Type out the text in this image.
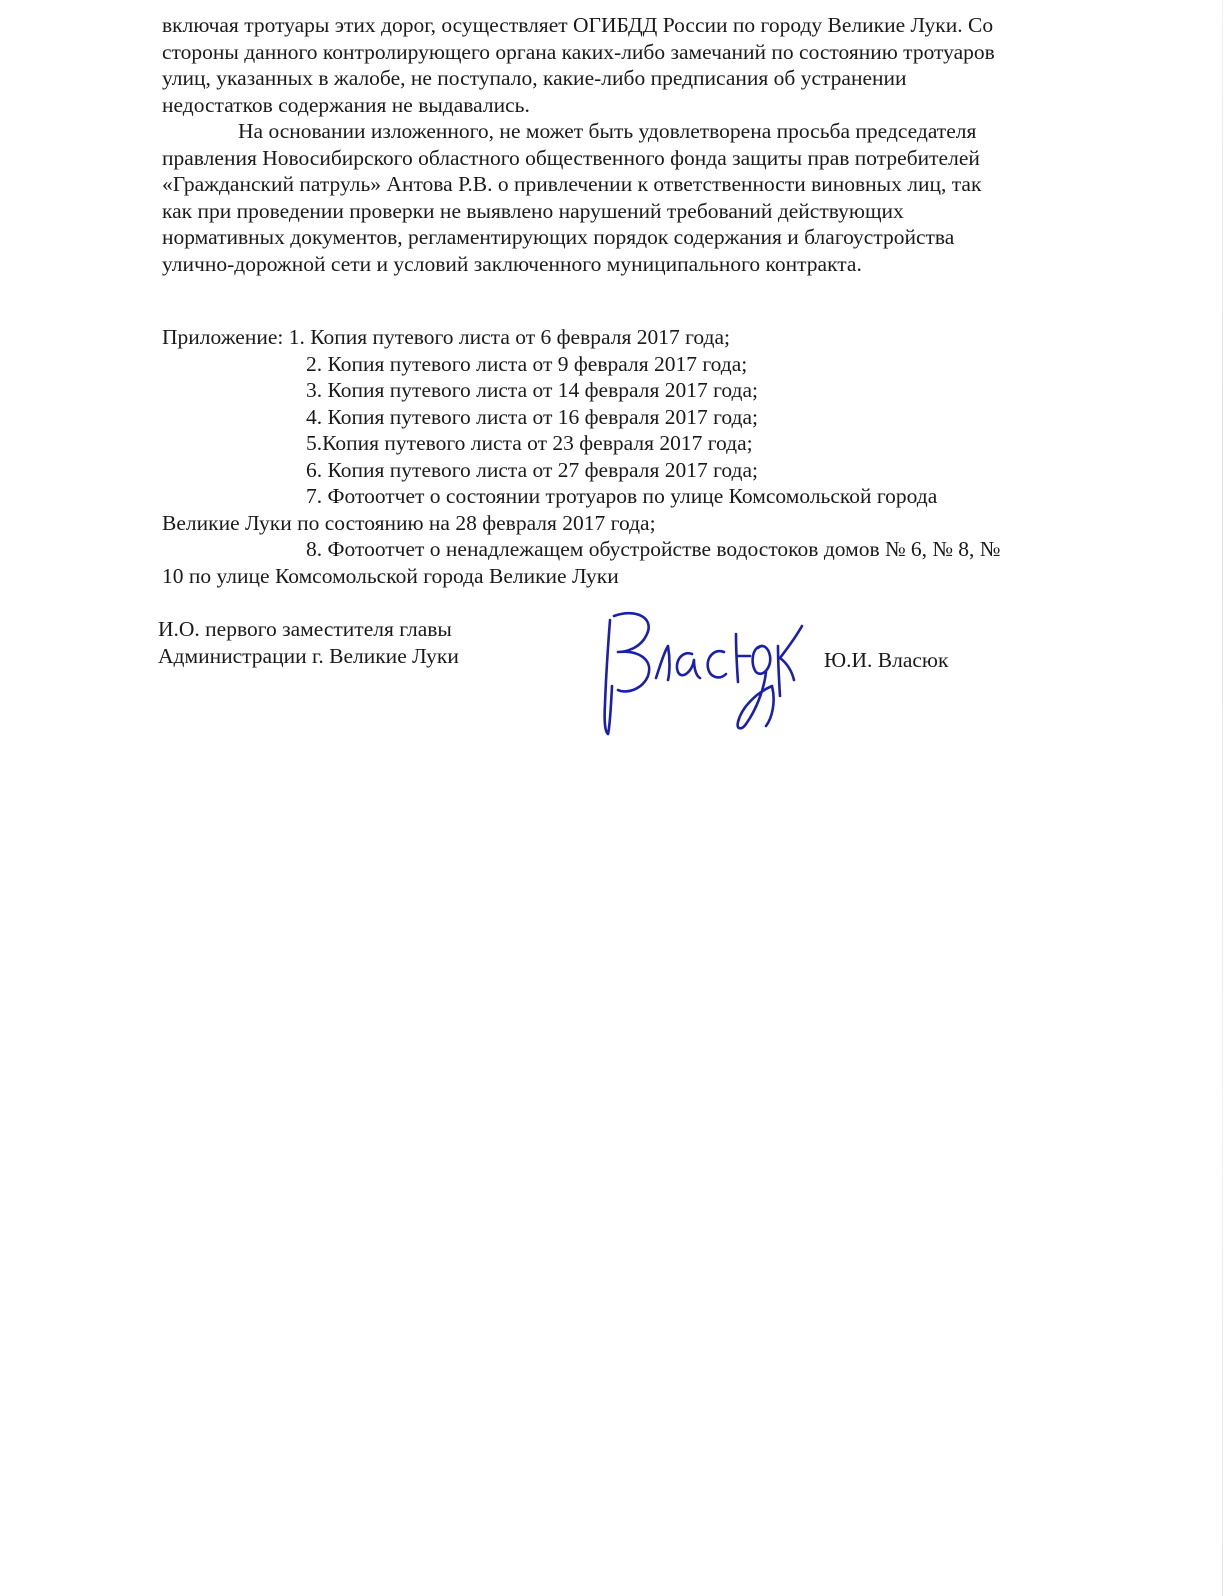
включая тротуары этих дорог, осуществляет ОГИБДД России по городу Великие Луки. Со
стороны данного контролирующего органа каких-либо замечаний по состоянию тротуаров
улиц, указанных в жалобе, не поступало, какие-либо предписания об устранении
недостатков содержания не выдавались.
На основании изложенного, не может быть удовлетворена просьба председателя
правления Новосибирского областного общественного фонда защиты прав потребителей
«Гражданский патруль» Антова Р.В. о привлечении к ответственности виновных лиц, так
как при проведении проверки не выявлено нарушений требований действующих
нормативных документов, регламентирующих порядок содержания и благоустройства
улично-дорожной сети и условий заключенного муниципального контракта.
Приложение: 1. Копия путевого листа от 6 февраля 2017 года;
2. Копия путевого листа от 9 февраля 2017 года;
3. Копия путевого листа от 14 февраля 2017 года;
4. Копия путевого листа от 16 февраля 2017 года;
5.Копия путевого листа от 23 февраля 2017 года;
6. Копия путевого листа от 27 февраля 2017 года;
7. Фотоотчет о состоянии тротуаров по улице Комсомольской города
Великие Луки по состоянию на 28 февраля 2017 года;
8. Фотоотчет о ненадлежащем обустройстве водостоков домов № 6, № 8, №
10 по улице Комсомольской города Великие Луки
И.О. первого заместителя главы
Администрации г. Великие Луки	Ю.И. Власюк
